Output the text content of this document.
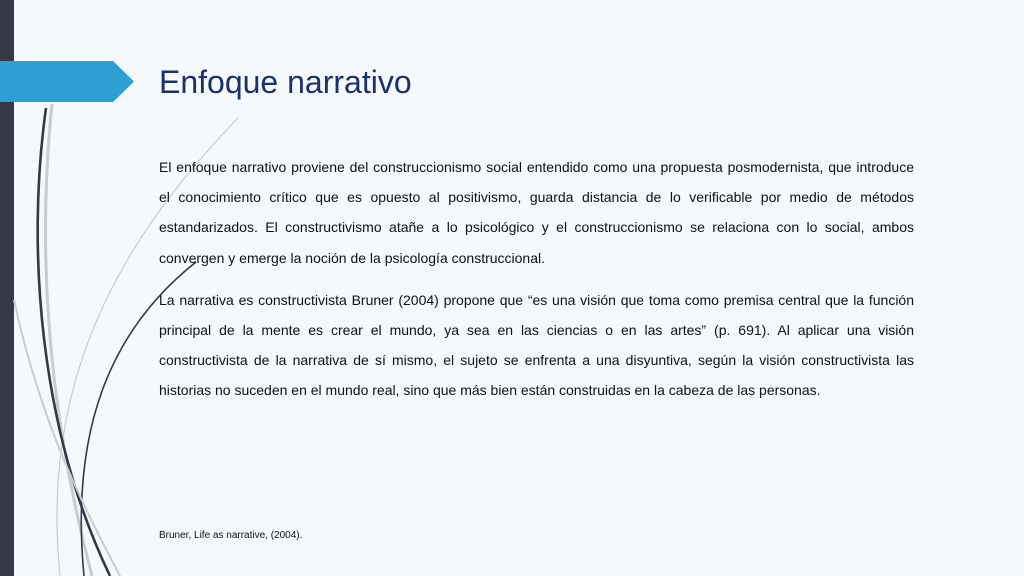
Enfoque narrativo

El enfoque narrativo proviene del construccionismo social entendido como una propuesta posmodernista, que introduce el conocimiento crítico que es opuesto al positivismo, guarda distancia de lo verificable por medio de métodos estandarizados. El constructivismo atañe a lo psicológico y el construccionismo se relaciona con lo social, ambos convergen y emerge la noción de la psicología construccional.

La narrativa es constructivista Bruner (2004) propone que “es una visión que toma como premisa central que la función principal de la mente es crear el mundo, ya sea en las ciencias o en las artes” (p. 691). Al aplicar una visión constructivista de la narrativa de sí mismo, el sujeto se enfrenta a una disyuntiva, según la visión constructivista las historias no suceden en el mundo real, sino que más bien están construidas en la cabeza de las personas.

Bruner, Life as narrative, (2004).
